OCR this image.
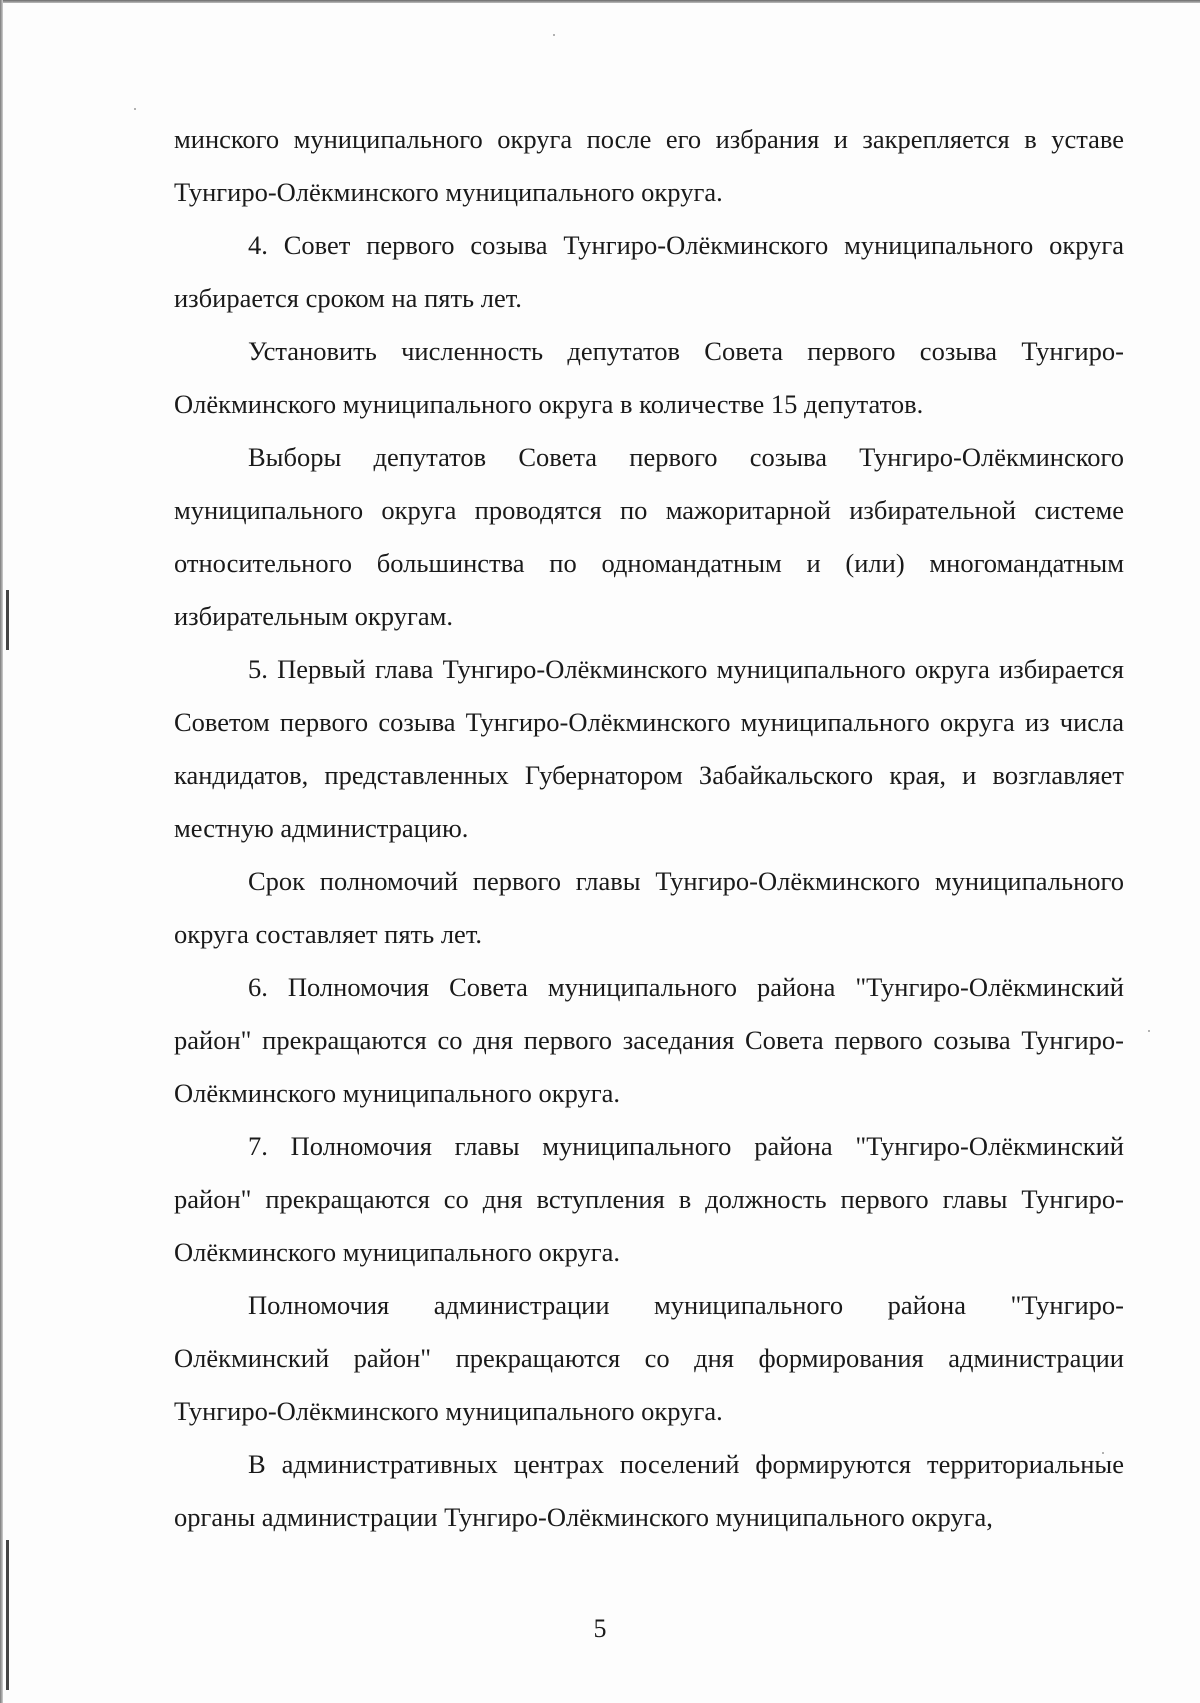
минского муниципального округа после его избрания и закрепляется в уставе Тунгиро-Олёкминского муниципального округа.

4. Совет первого созыва Тунгиро-Олёкминского муниципального округа избирается сроком на пять лет.

Установить численность депутатов Совета первого созыва Тунгиро-Олёкминского муниципального округа в количестве 15 депутатов.

Выборы депутатов Совета первого созыва Тунгиро-Олёкминского муниципального округа проводятся по мажоритарной избирательной системе относительного большинства по одномандатным и (или) многомандатным избирательным округам.

5. Первый глава Тунгиро-Олёкминского муниципального округа избирается Советом первого созыва Тунгиро-Олёкминского муниципального округа из числа кандидатов, представленных Губернатором Забайкальского края, и возглавляет местную администрацию.

Срок полномочий первого главы Тунгиро-Олёкминского муниципального округа составляет пять лет.

6. Полномочия Совета муниципального района "Тунгиро-Олёкминский район" прекращаются со дня первого заседания Совета первого созыва Тунгиро-Олёкминского муниципального округа.

7. Полномочия главы муниципального района "Тунгиро-Олёкминский район" прекращаются со дня вступления в должность первого главы Тунгиро-Олёкминского муниципального округа.

Полномочия администрации муниципального района "Тунгиро-Олёкминский район" прекращаются со дня формирования администрации Тунгиро-Олёкминского муниципального округа.

В административных центрах поселений формируются территориальные органы администрации Тунгиро-Олёкминского муниципального округа,

5
